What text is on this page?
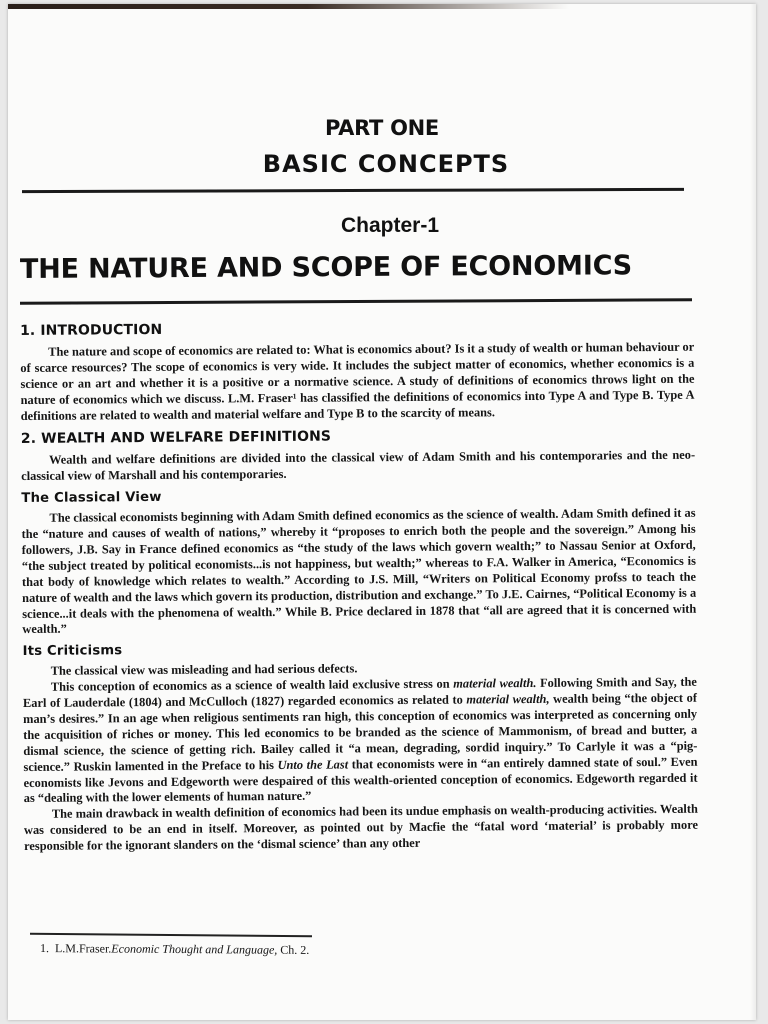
PART ONE
BASIC CONCEPTS
Chapter-1
THE NATURE AND SCOPE OF ECONOMICS
1. INTRODUCTION

The nature and scope of economics are related to: What is economics about? Is it a study of wealth or human behaviour or of scarce resources? The scope of economics is very wide. It includes the subject matter of economics, whether economics is a science or an art and whether it is a positive or a normative science. A study of definitions of economics throws light on the nature of economics which we discuss. L.M. Fraser¹ has classified the definitions of economics into Type A and Type B. Type A definitions are related to wealth and material welfare and Type B to the scarcity of means.

2. WEALTH AND WELFARE DEFINITIONS

Wealth and welfare definitions are divided into the classical view of Adam Smith and his contemporaries and the neo-classical view of Marshall and his contemporaries.

The Classical View

The classical economists beginning with Adam Smith defined economics as the science of wealth. Adam Smith defined it as the “nature and causes of wealth of nations,” whereby it “proposes to enrich both the people and the sovereign.” Among his followers, J.B. Say in France defined economics as “the study of the laws which govern wealth;” to Nassau Senior at Oxford, “the subject treated by political economists...is not happiness, but wealth;” whereas to F.A. Walker in America, “Economics is that body of knowledge which relates to wealth.” According to J.S. Mill, “Writers on Political Economy profss to teach the nature of wealth and the laws which govern its production, distribution and exchange.” To J.E. Cairnes, “Political Economy is a science...it deals with the phenomena of wealth.” While B. Price declared in 1878 that “all are agreed that it is concerned with wealth.”

Its Criticisms

The classical view was misleading and had serious defects.

This conception of economics as a science of wealth laid exclusive stress on material wealth. Following Smith and Say, the Earl of Lauderdale (1804) and McCulloch (1827) regarded economics as related to material wealth, wealth being “the object of man’s desires.” In an age when religious sentiments ran high, this conception of economics was interpreted as concerning only the acquisition of riches or money. This led economics to be branded as the science of Mammonism, of bread and butter, a dismal science, the science of getting rich. Bailey called it “a mean, degrading, sordid inquiry.” To Carlyle it was a “pig-science.” Ruskin lamented in the Preface to his Unto the Last that economists were in “an entirely damned state of soul.” Even economists like Jevons and Edgeworth were despaired of this wealth-oriented conception of economics. Edgeworth regarded it as “dealing with the lower elements of human nature.”

The main drawback in wealth definition of economics had been its undue emphasis on wealth-producing activities. Wealth was considered to be an end in itself. Moreover, as pointed out by Macfie the “fatal word ‘material’ is probably more responsible for the ignorant slanders on the ‘dismal science’ than any other

1. L.M.Fraser.Economic Thought and Language, Ch. 2.
